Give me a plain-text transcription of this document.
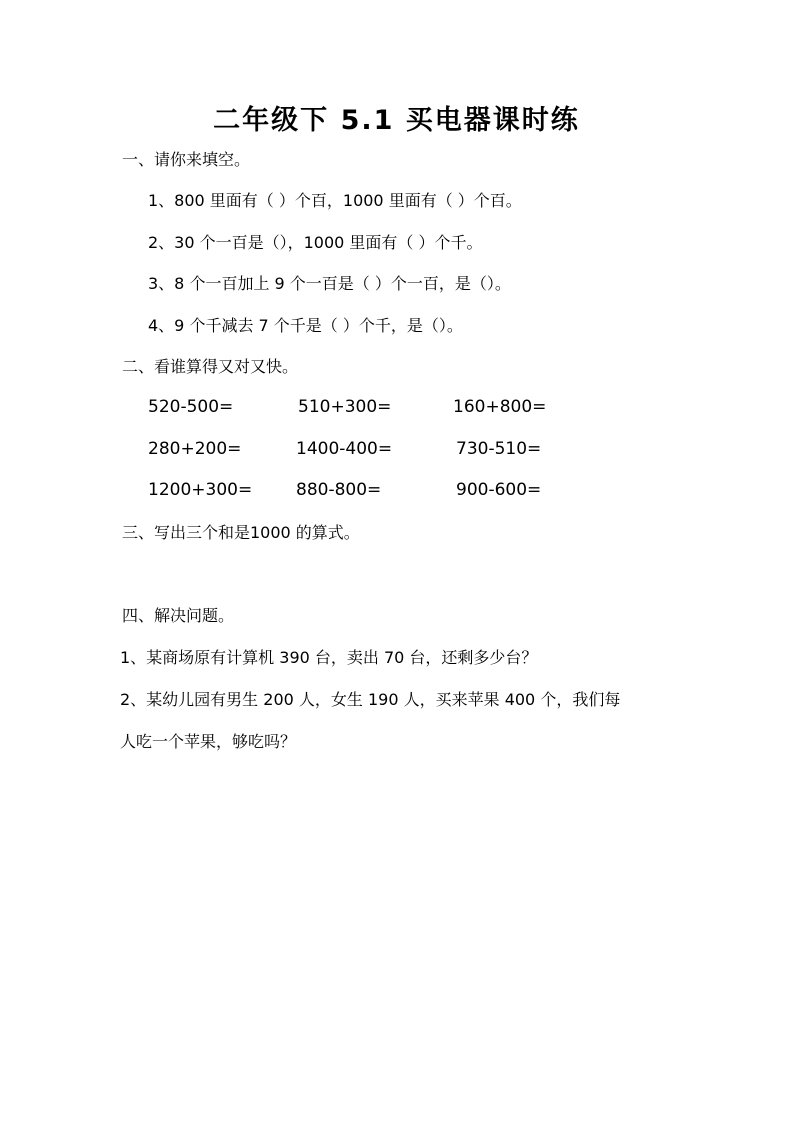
二年级下 5.1 买电器课时练
一、请你来填空。
1、800 里面有（ ）个百，1000 里面有（ ）个百。
2、30 个一百是（），1000 里面有（ ）个千。
3、8 个一百加上 9 个一百是（ ）个一百，是（）。
4、9 个千减去 7 个千是（ ）个千，是（）。
二、看谁算得又对又快。
520-500=	510+300=	160+800=
280+200=	1400-400=	730-510=
1200+300=	880-800=	900-600=
三、写出三个和是1000 的算式。
四、解决问题。
1、某商场原有计算机 390 台，卖出 70 台，还剩多少台？
2、某幼儿园有男生 200 人，女生 190 人，买来苹果 400 个，我们每
人吃一个苹果，够吃吗？
